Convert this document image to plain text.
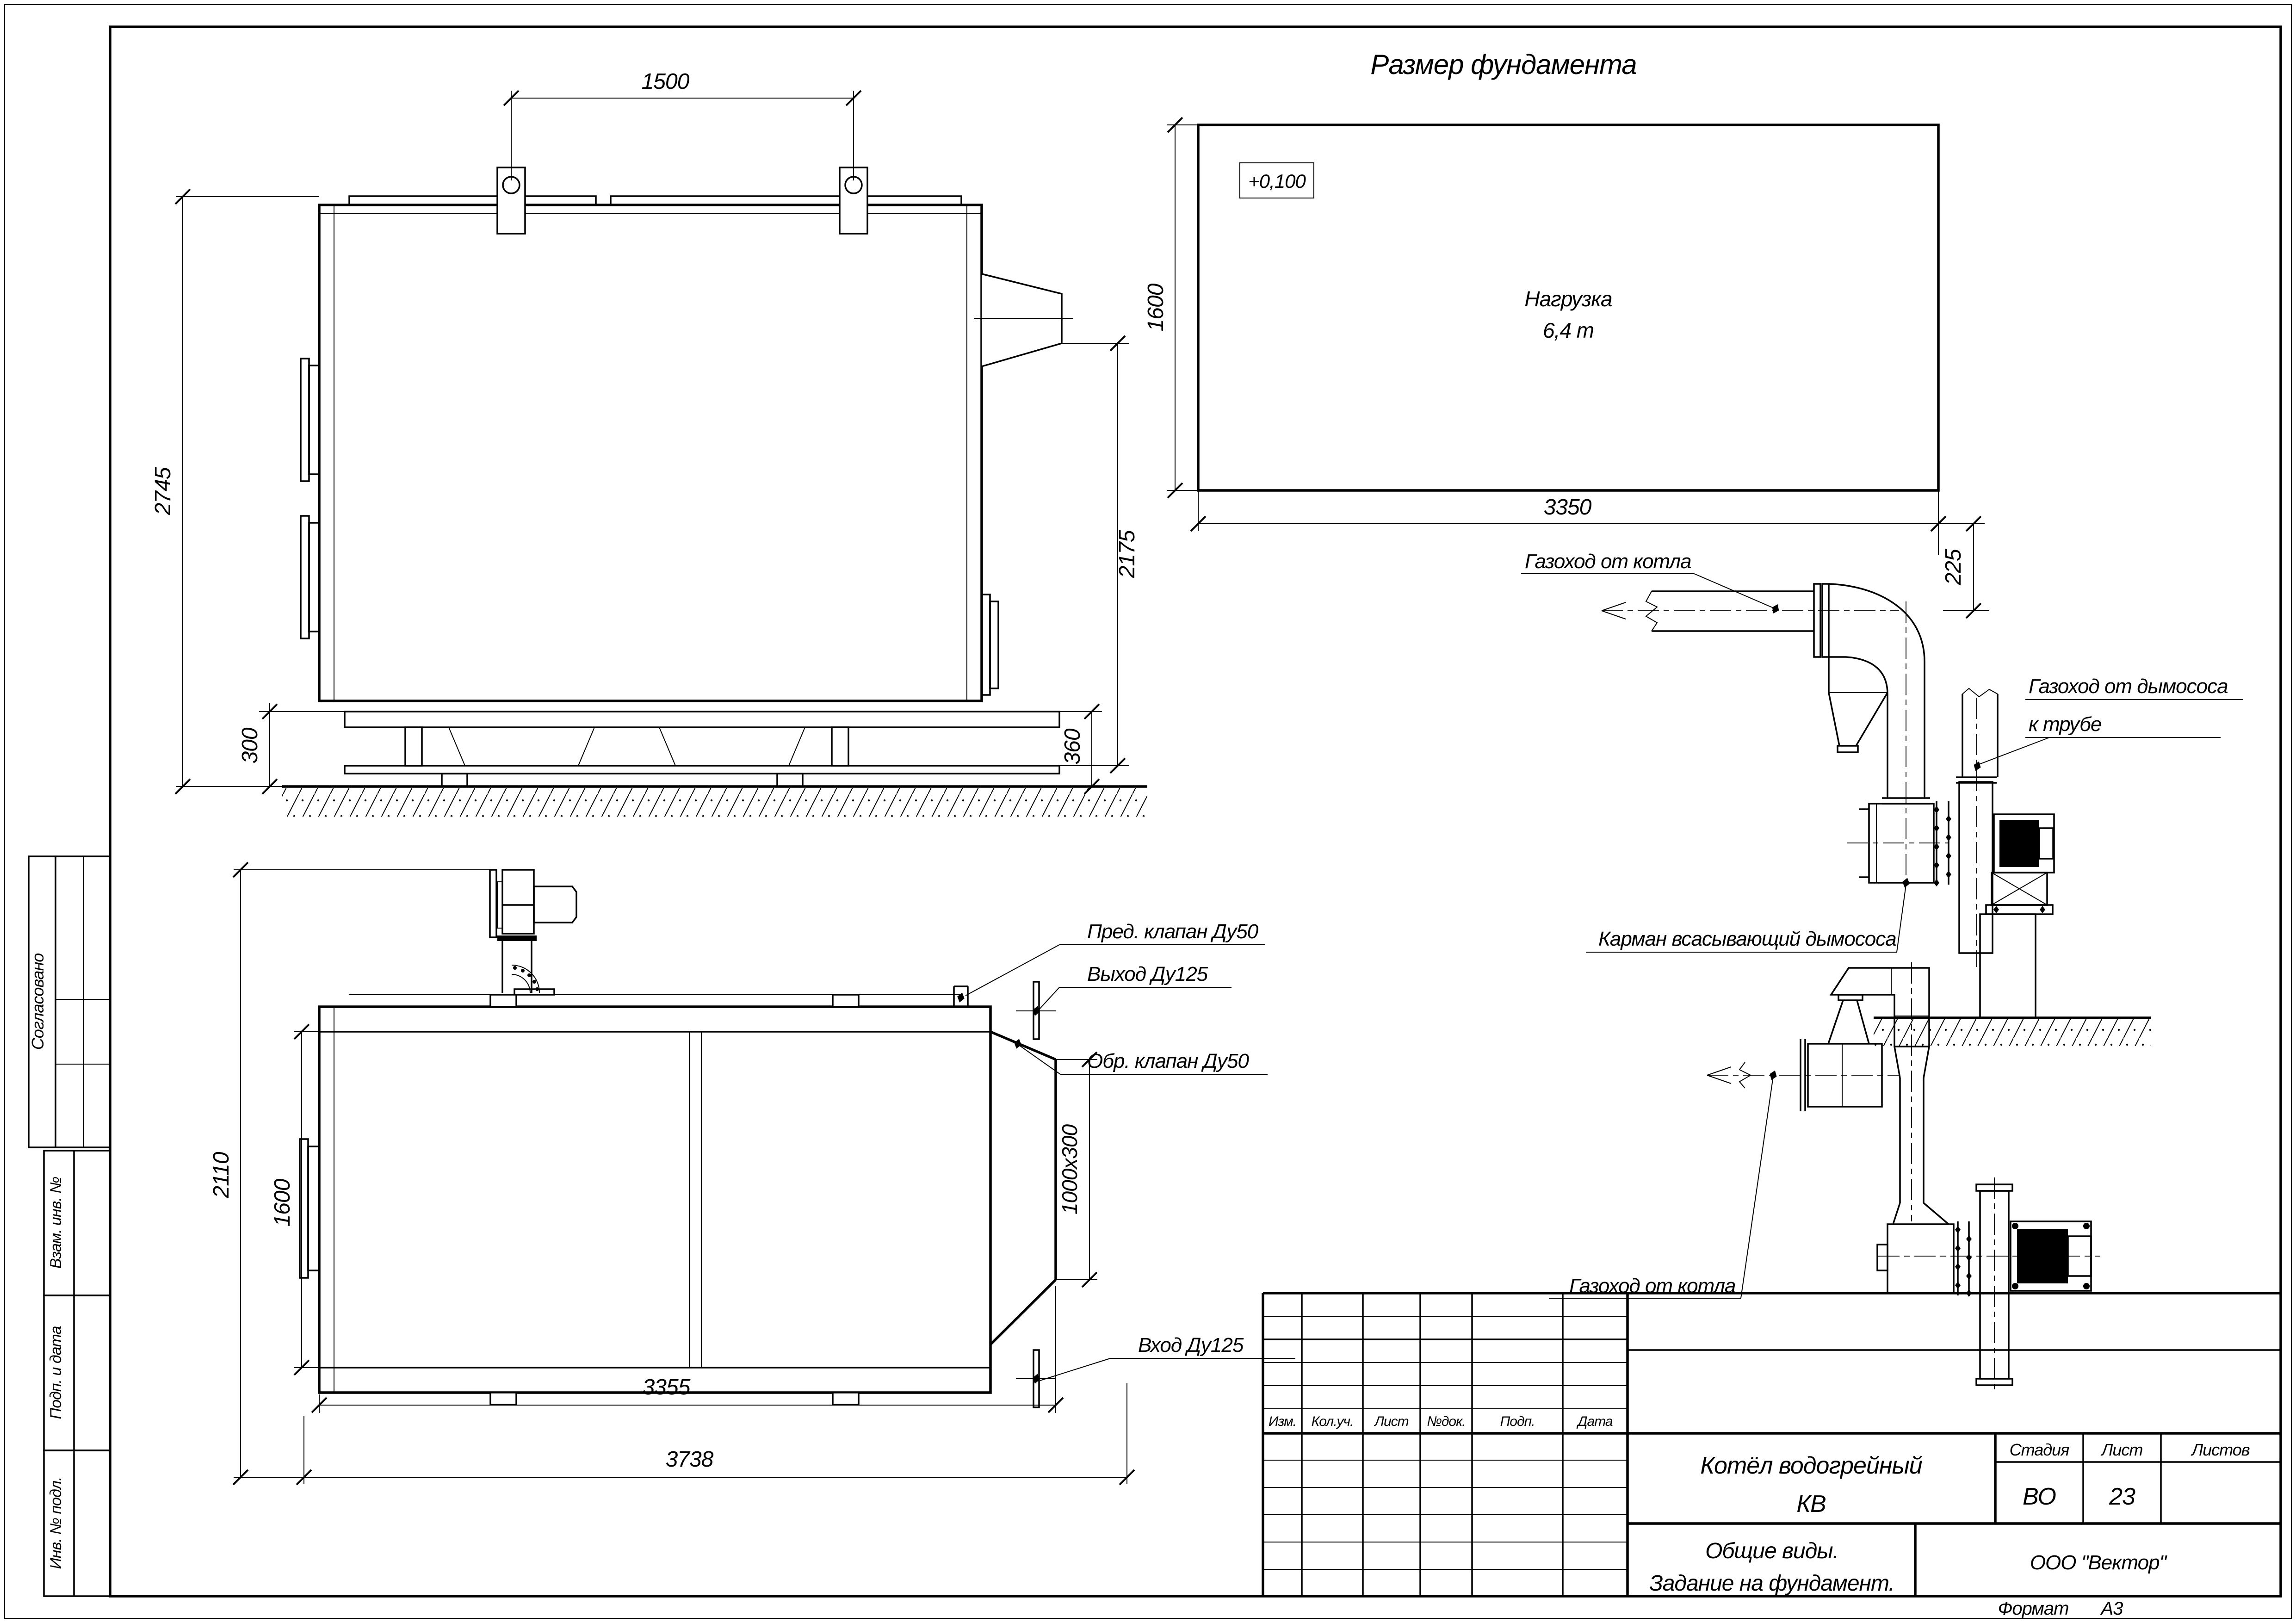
Согласовано
Взам. инв. №
Подп. и дата
Инв. № подл.
1500
2745
300
2175
360
Размер фундамента
+0,100
Нагрузка
6,4 т
1600
3350
225
Газоход от котла
Карман всасывающий дымососа
Газоход от дымососа
к трубе
Газоход от котла
Пред. клапан Ду50
Выход Ду125
Обр. клапан Ду50
Вход Ду125
1000x300
2110
1600
3355
3738
Изм. Кол.уч. Лист №док. Подп.	Дата
Котёл водогрейный
КВ
Стадия Лист	Листов
ВО 23
Общие виды.
Задание на фундамент.
ООО "Вектор"
Формат А3
